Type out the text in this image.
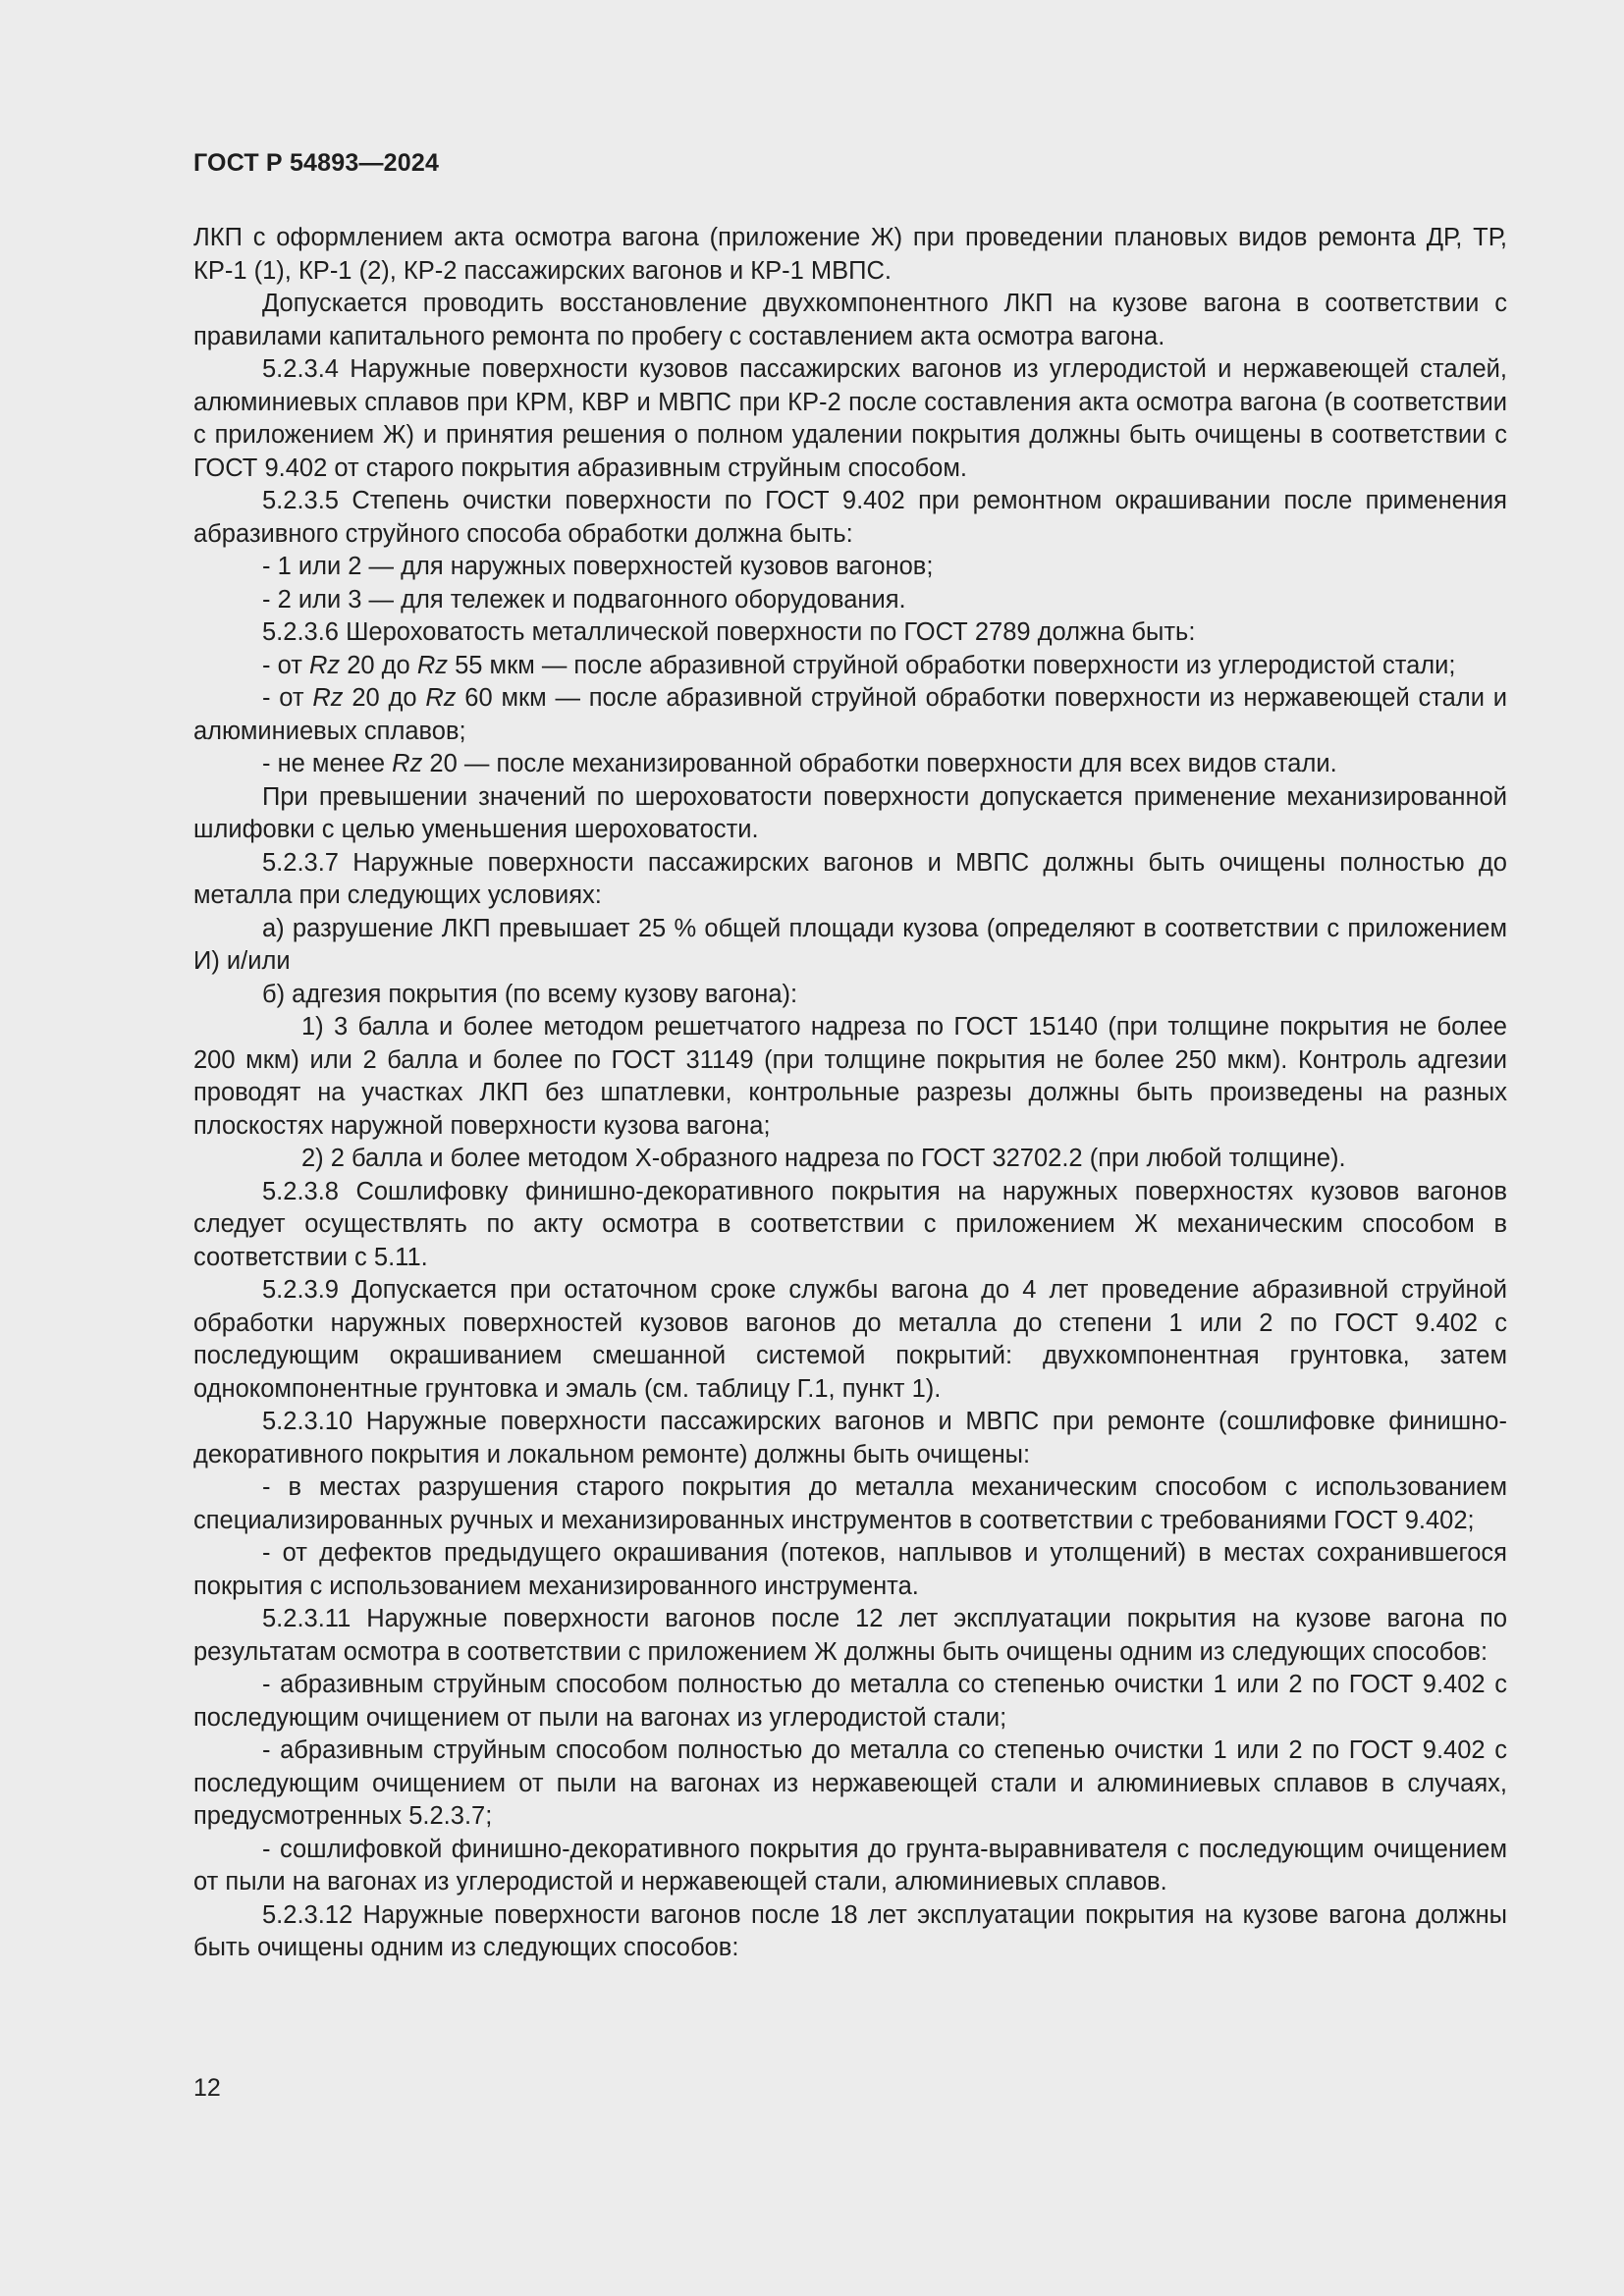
ГОСТ Р 54893—2024

ЛКП с оформлением акта осмотра вагона (приложение Ж) при проведении плановых видов ремонта ДР, ТР, КР-1 (1), КР-1 (2), КР-2 пассажирских вагонов и КР-1 МВПС.

Допускается проводить восстановление двухкомпонентного ЛКП на кузове вагона в соответствии с правилами капитального ремонта по пробегу с составлением акта осмотра вагона.

5.2.3.4 Наружные поверхности кузовов пассажирских вагонов из углеродистой и нержавеющей сталей, алюминиевых сплавов при КРМ, КВР и МВПС при КР-2 после составления акта осмотра вагона (в соответствии с приложением Ж) и принятия решения о полном удалении покрытия должны быть очищены в соответствии с ГОСТ 9.402 от старого покрытия абразивным струйным способом.

5.2.3.5 Степень очистки поверхности по ГОСТ 9.402 при ремонтном окрашивании после применения абразивного струйного способа обработки должна быть:

- 1 или 2 — для наружных поверхностей кузовов вагонов;

- 2 или 3 — для тележек и подвагонного оборудования.

5.2.3.6 Шероховатость металлической поверхности по ГОСТ 2789 должна быть:

- от Rz 20 до Rz 55 мкм — после абразивной струйной обработки поверхности из углеродистой стали;

- от Rz 20 до Rz 60 мкм — после абразивной струйной обработки поверхности из нержавеющей стали и алюминиевых сплавов;

- не менее Rz 20 — после механизированной обработки поверхности для всех видов стали.

При превышении значений по шероховатости поверхности допускается применение механизированной шлифовки с целью уменьшения шероховатости.

5.2.3.7 Наружные поверхности пассажирских вагонов и МВПС должны быть очищены полностью до металла при следующих условиях:

а) разрушение ЛКП превышает 25 % общей площади кузова (определяют в соответствии с приложением И) и/или

б) адгезия покрытия (по всему кузову вагона):

1) 3 балла и более методом решетчатого надреза по ГОСТ 15140 (при толщине покрытия не более 200 мкм) или 2 балла и более по ГОСТ 31149 (при толщине покрытия не более 250 мкм). Контроль адгезии проводят на участках ЛКП без шпатлевки, контрольные разрезы должны быть произведены на разных плоскостях наружной поверхности кузова вагона;

2) 2 балла и более методом Х-образного надреза по ГОСТ 32702.2 (при любой толщине).

5.2.3.8 Сошлифовку финишно-декоративного покрытия на наружных поверхностях кузовов вагонов следует осуществлять по акту осмотра в соответствии с приложением Ж механическим способом в соответствии с 5.11.

5.2.3.9 Допускается при остаточном сроке службы вагона до 4 лет проведение абразивной струйной обработки наружных поверхностей кузовов вагонов до металла до степени 1 или 2 по ГОСТ 9.402 с последующим окрашиванием смешанной системой покрытий: двухкомпонентная грунтовка, затем однокомпонентные грунтовка и эмаль (см. таблицу Г.1, пункт 1).

5.2.3.10 Наружные поверхности пассажирских вагонов и МВПС при ремонте (сошлифовке финишно-декоративного покрытия и локальном ремонте) должны быть очищены:

- в местах разрушения старого покрытия до металла механическим способом с использованием специализированных ручных и механизированных инструментов в соответствии с требованиями ГОСТ 9.402;

- от дефектов предыдущего окрашивания (потеков, наплывов и утолщений) в местах сохранившегося покрытия с использованием механизированного инструмента.

5.2.3.11 Наружные поверхности вагонов после 12 лет эксплуатации покрытия на кузове вагона по результатам осмотра в соответствии с приложением Ж должны быть очищены одним из следующих способов:

- абразивным струйным способом полностью до металла со степенью очистки 1 или 2 по ГОСТ 9.402 с последующим очищением от пыли на вагонах из углеродистой стали;

- абразивным струйным способом полностью до металла со степенью очистки 1 или 2 по ГОСТ 9.402 с последующим очищением от пыли на вагонах из нержавеющей стали и алюминиевых сплавов в случаях, предусмотренных 5.2.3.7;

- сошлифовкой финишно-декоративного покрытия до грунта-выравнивателя с последующим очищением от пыли на вагонах из углеродистой и нержавеющей стали, алюминиевых сплавов.

5.2.3.12 Наружные поверхности вагонов после 18 лет эксплуатации покрытия на кузове вагона должны быть очищены одним из следующих способов:

12
